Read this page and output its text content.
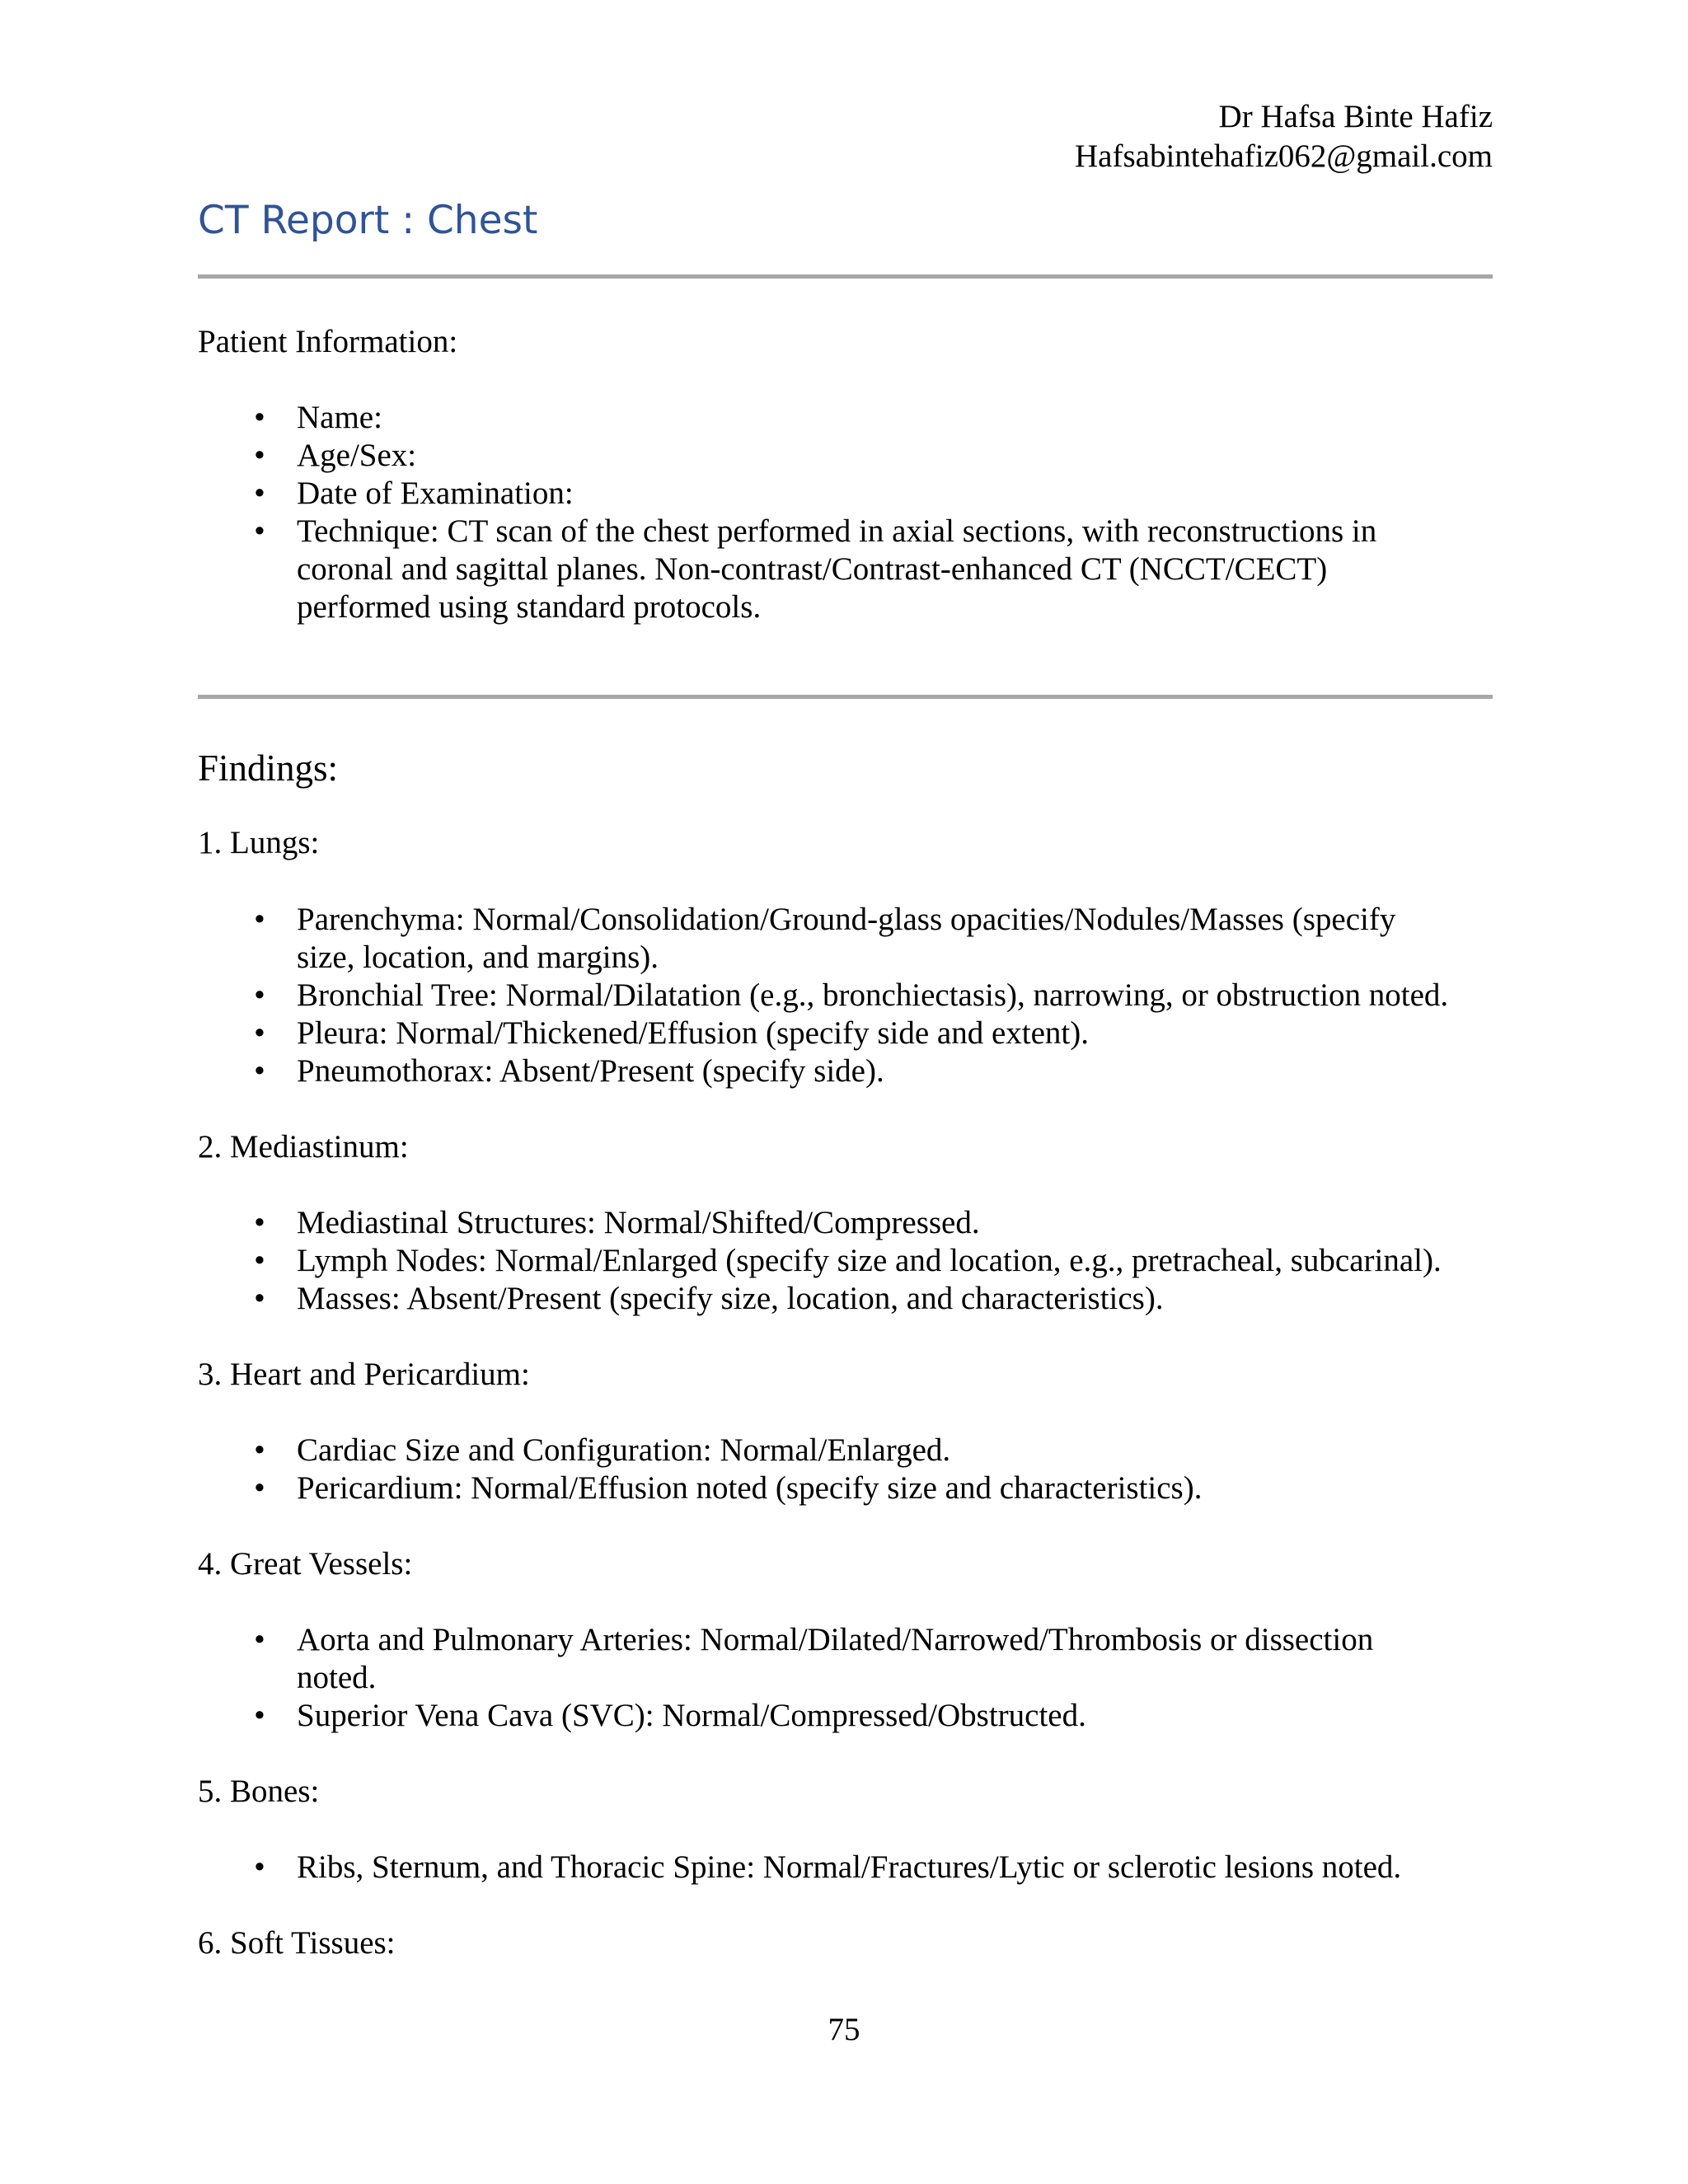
Dr Hafsa Binte Hafiz
Hafsabintehafiz062@gmail.com
CT Report : Chest
Patient Information:
• Name:
• Age/Sex:
• Date of Examination:
• Technique: CT scan of the chest performed in axial sections, with reconstructions in coronal and sagittal planes. Non-contrast/Contrast-enhanced CT (NCCT/CECT) performed using standard protocols.
Findings:
1. Lungs:
• Parenchyma: Normal/Consolidation/Ground-glass opacities/Nodules/Masses (specify size, location, and margins).
• Bronchial Tree: Normal/Dilatation (e.g., bronchiectasis), narrowing, or obstruction noted.
• Pleura: Normal/Thickened/Effusion (specify side and extent).
• Pneumothorax: Absent/Present (specify side).
2. Mediastinum:
• Mediastinal Structures: Normal/Shifted/Compressed.
• Lymph Nodes: Normal/Enlarged (specify size and location, e.g., pretracheal, subcarinal).
• Masses: Absent/Present (specify size, location, and characteristics).
3. Heart and Pericardium:
• Cardiac Size and Configuration: Normal/Enlarged.
• Pericardium: Normal/Effusion noted (specify size and characteristics).
4. Great Vessels:
• Aorta and Pulmonary Arteries: Normal/Dilated/Narrowed/Thrombosis or dissection noted.
• Superior Vena Cava (SVC): Normal/Compressed/Obstructed.
5. Bones:
• Ribs, Sternum, and Thoracic Spine: Normal/Fractures/Lytic or sclerotic lesions noted.
6. Soft Tissues:
75
